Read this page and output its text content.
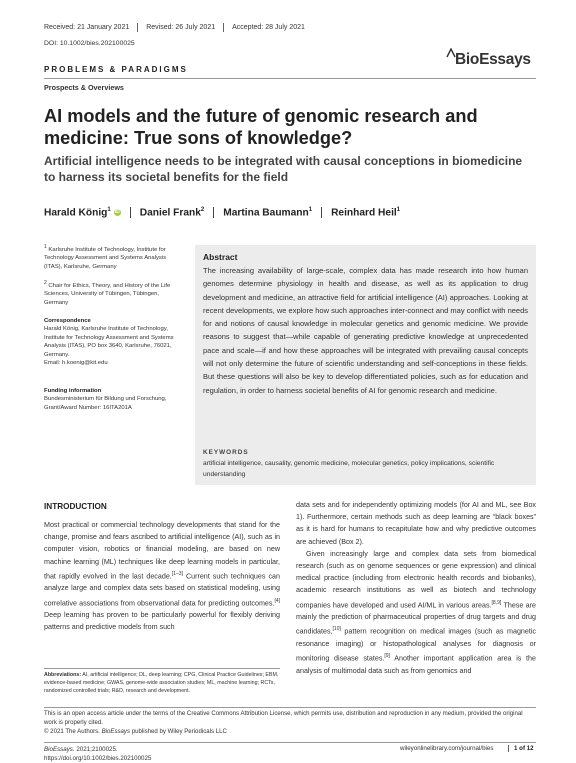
Received: 21 January 2021	Revised: 26 July 2021	Accepted: 28 July 2021
DOI: 10.1002/bies.202100025
BioEssays
PROBLEMS & PARADIGMS
Prospects & Overviews
AI models and the future of genomic research and medicine: True sons of knowledge?
Artificial intelligence needs to be integrated with causal conceptions in biomedicine to harness its societal benefits for the field
Harald König$^1$ iD Daniel Frank$^2$ Martina Baumann$^1$ Reinhard Heil$^1$
$^1$ Karlsruhe Institute of Technology, Institute for Technology Assessment and Systems Analysis (ITAS), Karlsruhe, Germany
$^2$ Chair for Ethics, Theory, and History of the Life Sciences, University of Tübingen, Tübingen, Germany
Correspondence
Harald König, Karlsruhe Institute of Technology, Institute for Technology Assessment and Systems Analysis (ITAS), PO box 3640, Karlsruhe, 76021, Germany.
Email: h.koenig@kit.edu
Funding information
Bundesministerium für Bildung und Forschung, Grant/Award Number: 16ITA201A
Abstract
The increasing availability of large-scale, complex data has made research into how human genomes determine physiology in health and disease, as well as its application to drug development and medicine, an attractive field for artificial intelligence (AI) approaches. Looking at recent developments, we explore how such approaches inter-connect and may conflict with needs for and notions of causal knowledge in molecular genetics and genomic medicine. We provide reasons to suggest that—while capable of generating predictive knowledge at unprecedented pace and scale—if and how these approaches will be integrated with prevailing causal concepts will not only determine the future of scientific understanding and self-conceptions in these fields. But these questions will also be key to develop differentiated policies, such as for education and regulation, in order to harness societal benefits of AI for genomic research and medicine.
KEYWORDS
artificial intelligence, causality, genomic medicine, molecular genetics, policy implications, scientific understanding
INTRODUCTION

Most practical or commercial technology developments that stand for the change, promise and fears ascribed to artificial intelligence (AI), such as in computer vision, robotics or financial modeling, are based on new machine learning (ML) techniques like deep learning models in particular, that rapidly evolved in the last decade.[1–3] Current such techniques can analyze large and complex data sets based on statistical modeling, using correlative associations from observational data for predicting outcomes.[4] Deep learning has proven to be particularly powerful for flexibly deriving patterns and predictive models from such

data sets and for independently optimizing models (for AI and ML, see Box 1). Furthermore, certain methods such as deep learning are “black boxes” as it is hard for humans to recapitulate how and why predictive outcomes are achieved (Box 2).

Given increasingly large and complex data sets from biomedical research (such as on genome sequences or gene expression) and clinical medical practice (including from electronic health records and biobanks), academic research institutions as well as biotech and technology companies have developed and used AI/ML in various areas.[8,9] These are mainly the prediction of pharmaceutical properties of drug targets and drug candidates,[10] pattern recognition on medical images (such as magnetic resonance imaging) or histopathological analyses for diagnosis or monitoring disease states.[9] Another important application area is the analysis of multimodal data such as from genomics and

Abbreviations: AI, artificial intelligence; DL, deep learning; CPG, Clinical Practice Guidelines; EBM, evidence-based medicine; GWAS, genome-wide association studies; ML, machine learning; RCTs, randomized controlled trials; R&D, research and development.
This is an open access article under the terms of the Creative Commons Attribution License, which permits use, distribution and reproduction in any medium, provided the original work is properly cited.
© 2021 The Authors. BioEssays published by Wiley Periodicals LLC
BioEssays. 2021;2100025.
https://doi.org/10.1002/bies.202100025
wileyonlinelibrary.com/journal/bies	1 of 12
